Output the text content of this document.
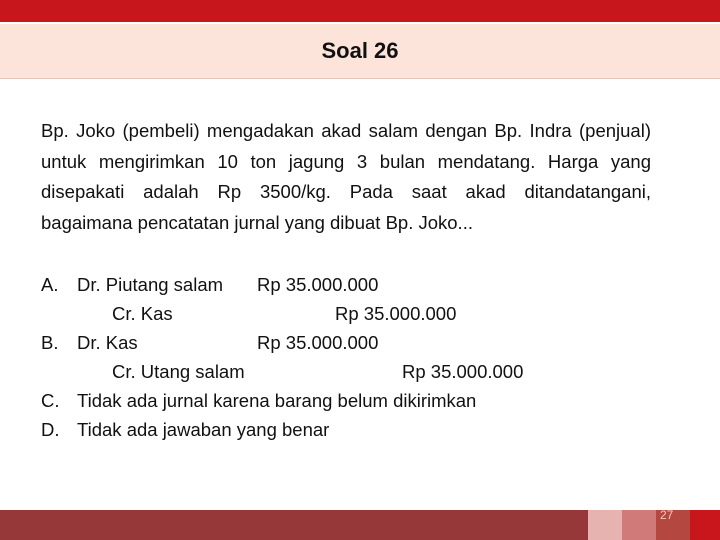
Soal 26

Bp. Joko (pembeli) mengadakan akad salam dengan Bp. Indra (penjual) untuk mengirimkan 10 ton jagung 3 bulan mendatang. Harga yang disepakati adalah Rp 3500/kg. Pada saat akad ditandatangani, bagaimana pencatatan jurnal yang dibuat Bp. Joko...

A. Dr. Piutang salam Rp 35.000.000
Cr. Kas	Rp 35.000.000
B. Dr. Kas	Rp 35.000.000
Cr. Utang salam	Rp 35.000.000
C. Tidak ada jurnal karena barang belum dikirimkan
D. Tidak ada jawaban yang benar
27
